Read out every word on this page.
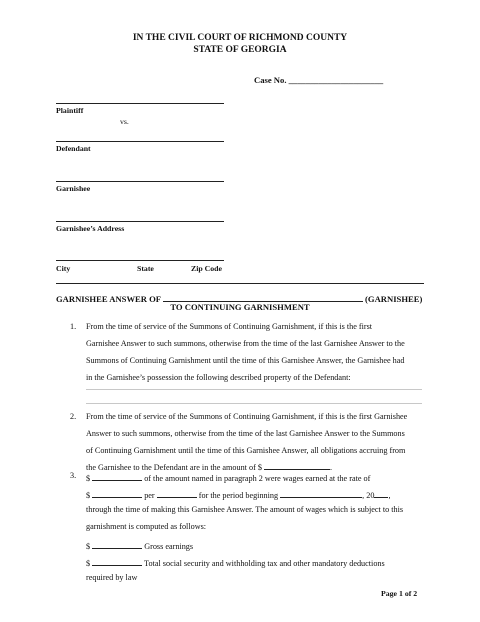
IN THE CIVIL COURT OF RICHMOND COUNTY
STATE OF GEORGIA
Case No. ______________________
Plaintiff
vs.
Defendant
Garnishee
Garnishee’s Address
City	State	Zip Code
GARNISHEE ANSWER OF	(GARNISHEE)
TO CONTINUING GARNISHMENT
1. From the time of service of the Summons of Continuing Garnishment, if this is the first
Garnishee Answer to such summons, otherwise from the time of the last Garnishee Answer to the
Summons of Continuing Garnishment until the time of this Garnishee Answer, the Garnishee had
in the Garnishee’s possession the following described property of the Defendant:
2. From the time of service of the Summons of Continuing Garnishment, if this is the first Garnishee
Answer to such summons, otherwise from the time of the last Garnishee Answer to the Summons
of Continuing Garnishment until the time of this Garnishee Answer, all obligations accruing from
the Garnishee to the Defendant are in the amount of $	.
3. $	of the amount named in paragraph 2 were wages earned at the rate of
$	per	for the period beginning	, 20 ,
through the time of making this Garnishee Answer. The amount of wages which is subject to this
garnishment is computed as follows:
$	Gross earnings
$	Total social security and withholding tax and other mandatory deductions
required by law
Page 1 of 2
